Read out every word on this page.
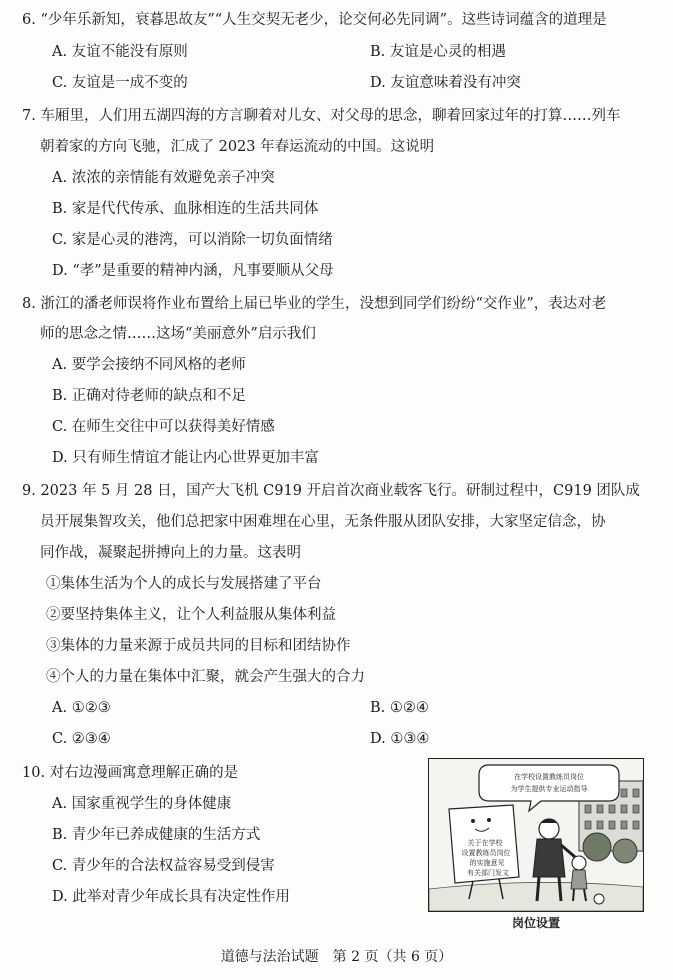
6. “少年乐新知，衰暮思故友”“人生交契无老少，论交何必先同调”。这些诗词蕴含的道理是
A. 友谊不能没有原则	B. 友谊是心灵的相遇
C. 友谊是一成不变的	D. 友谊意味着没有冲突
7. 车厢里，人们用五湖四海的方言聊着对儿女、对父母的思念，聊着回家过年的打算……列车
朝着家的方向飞驰，汇成了 2023 年春运流动的中国。这说明
A. 浓浓的亲情能有效避免亲子冲突
B. 家是代代传承、血脉相连的生活共同体
C. 家是心灵的港湾，可以消除一切负面情绪
D. “孝”是重要的精神内涵，凡事要顺从父母
8. 浙江的潘老师误将作业布置给上届已毕业的学生，没想到同学们纷纷“交作业”，表达对老
师的思念之情……这场“美丽意外”启示我们
A. 要学会接纳不同风格的老师
B. 正确对待老师的缺点和不足
C. 在师生交往中可以获得美好情感
D. 只有师生情谊才能让内心世界更加丰富
9. 2023 年 5 月 28 日，国产大飞机 C919 开启首次商业载客飞行。研制过程中，C919 团队成
员开展集智攻关，他们总把家中困难埋在心里，无条件服从团队安排，大家坚定信念，协
同作战，凝聚起拼搏向上的力量。这表明
①集体生活为个人的成长与发展搭建了平台
②要坚持集体主义，让个人利益服从集体利益
③集体的力量来源于成员共同的目标和团结协作
④个人的力量在集体中汇聚，就会产生强大的合力
A. ①②③	B. ①②④
C. ②③④	D. ①③④
10. 对右边漫画寓意理解正确的是
A. 国家重视学生的身体健康
B. 青少年已养成健康的生活方式
C. 青少年的合法权益容易受到侵害
D. 此举对青少年成长具有决定性作用
在学校设置教练员岗位
为学生提供专业运动指导
关于在学校
设置教练员岗位
的实施意见
有关部门发文
岗位设置
道德与法治试题　第 2 页（共 6 页）
